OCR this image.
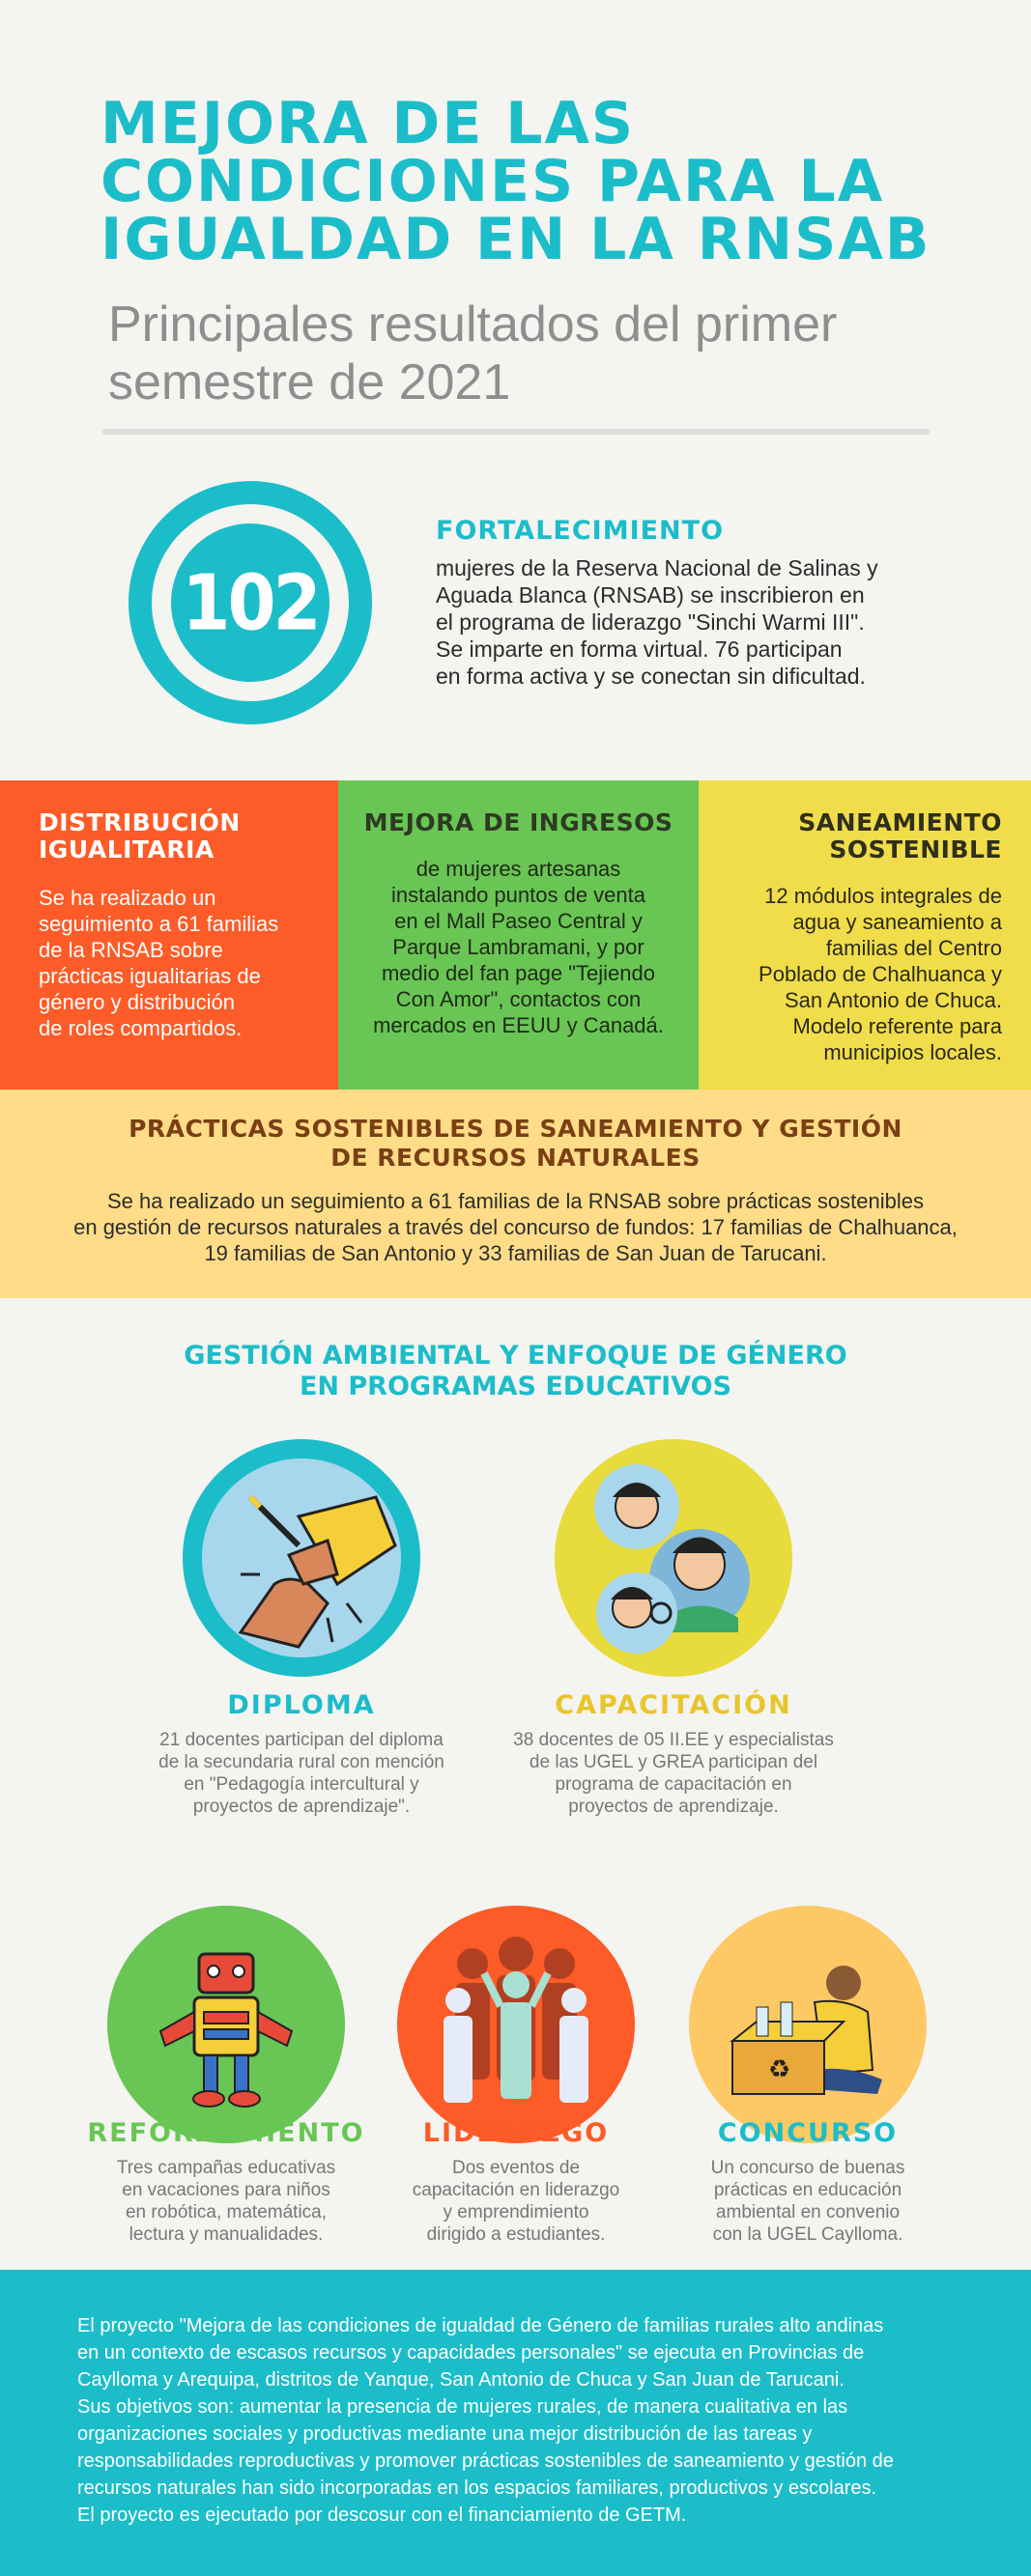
MEJORA DE LAS
CONDICIONES PARA LA
IGUALDAD EN LA RNSAB
Principales resultados del primer
semestre de 2021
102
FORTALECIMIENTO
mujeres de la Reserva Nacional de Salinas y
Aguada Blanca (RNSAB) se inscribieron en
el programa de liderazgo "Sinchi Warmi III".
Se imparte en forma virtual. 76 participan
en forma activa y se conectan sin dificultad.
DISTRIBUCIÓN
IGUALITARIA

Se ha realizado un
seguimiento a 61 familias
de la RNSAB sobre
prácticas igualitarias de
género y distribución
de roles compartidos.

MEJORA DE INGRESOS

de mujeres artesanas
instalando puntos de venta
en el Mall Paseo Central y
Parque Lambramani, y por
medio del fan page "Tejiendo
Con Amor", contactos con
mercados en EEUU y Canadá.

SANEAMIENTO
SOSTENIBLE

12 módulos integrales de
agua y saneamiento a
familias del Centro
Poblado de Chalhuanca y
San Antonio de Chuca.
Modelo referente para
municipios locales.

PRÁCTICAS SOSTENIBLES DE SANEAMIENTO Y GESTIÓN
DE RECURSOS NATURALES

Se ha realizado un seguimiento a 61 familias de la RNSAB sobre prácticas sostenibles
en gestión de recursos naturales a través del concurso de fundos: 17 familias de Chalhuanca,
19 familias de San Antonio y 33 familias de San Juan de Tarucani.

GESTIÓN AMBIENTAL Y ENFOQUE DE GÉNERO
EN PROGRAMAS EDUCATIVOS
DIPLOMA
21 docentes participan del diploma
de la secundaria rural con mención
en "Pedagogía intercultural y
proyectos de aprendizaje".
CAPACITACIÓN
38 docentes de 05 II.EE y especialistas
de las UGEL y GREA participan del
programa de capacitación en
proyectos de aprendizaje.
REFORZAMIENTO
Tres campañas educativas
en vacaciones para niños
en robótica, matemática,
lectura y manualidades.
LIDERAZGO
Dos eventos de
capacitación en liderazgo
y emprendimiento
dirigido a estudiantes.
♻
CONCURSO
Un concurso de buenas
prácticas en educación
ambiental en convenio
con la UGEL Caylloma.

El proyecto "Mejora de las condiciones de igualdad de Género de familias rurales alto andinas
en un contexto de escasos recursos y capacidades personales" se ejecuta en Provincias de
Caylloma y Arequipa, distritos de Yanque, San Antonio de Chuca y San Juan de Tarucani.
Sus objetivos son: aumentar la presencia de mujeres rurales, de manera cualitativa en las
organizaciones sociales y productivas mediante una mejor distribución de las tareas y
responsabilidades reproductivas y promover prácticas sostenibles de saneamiento y gestión de
recursos naturales han sido incorporadas en los espacios familiares, productivos y escolares.
El proyecto es ejecutado por descosur con el financiamiento de GETM.
